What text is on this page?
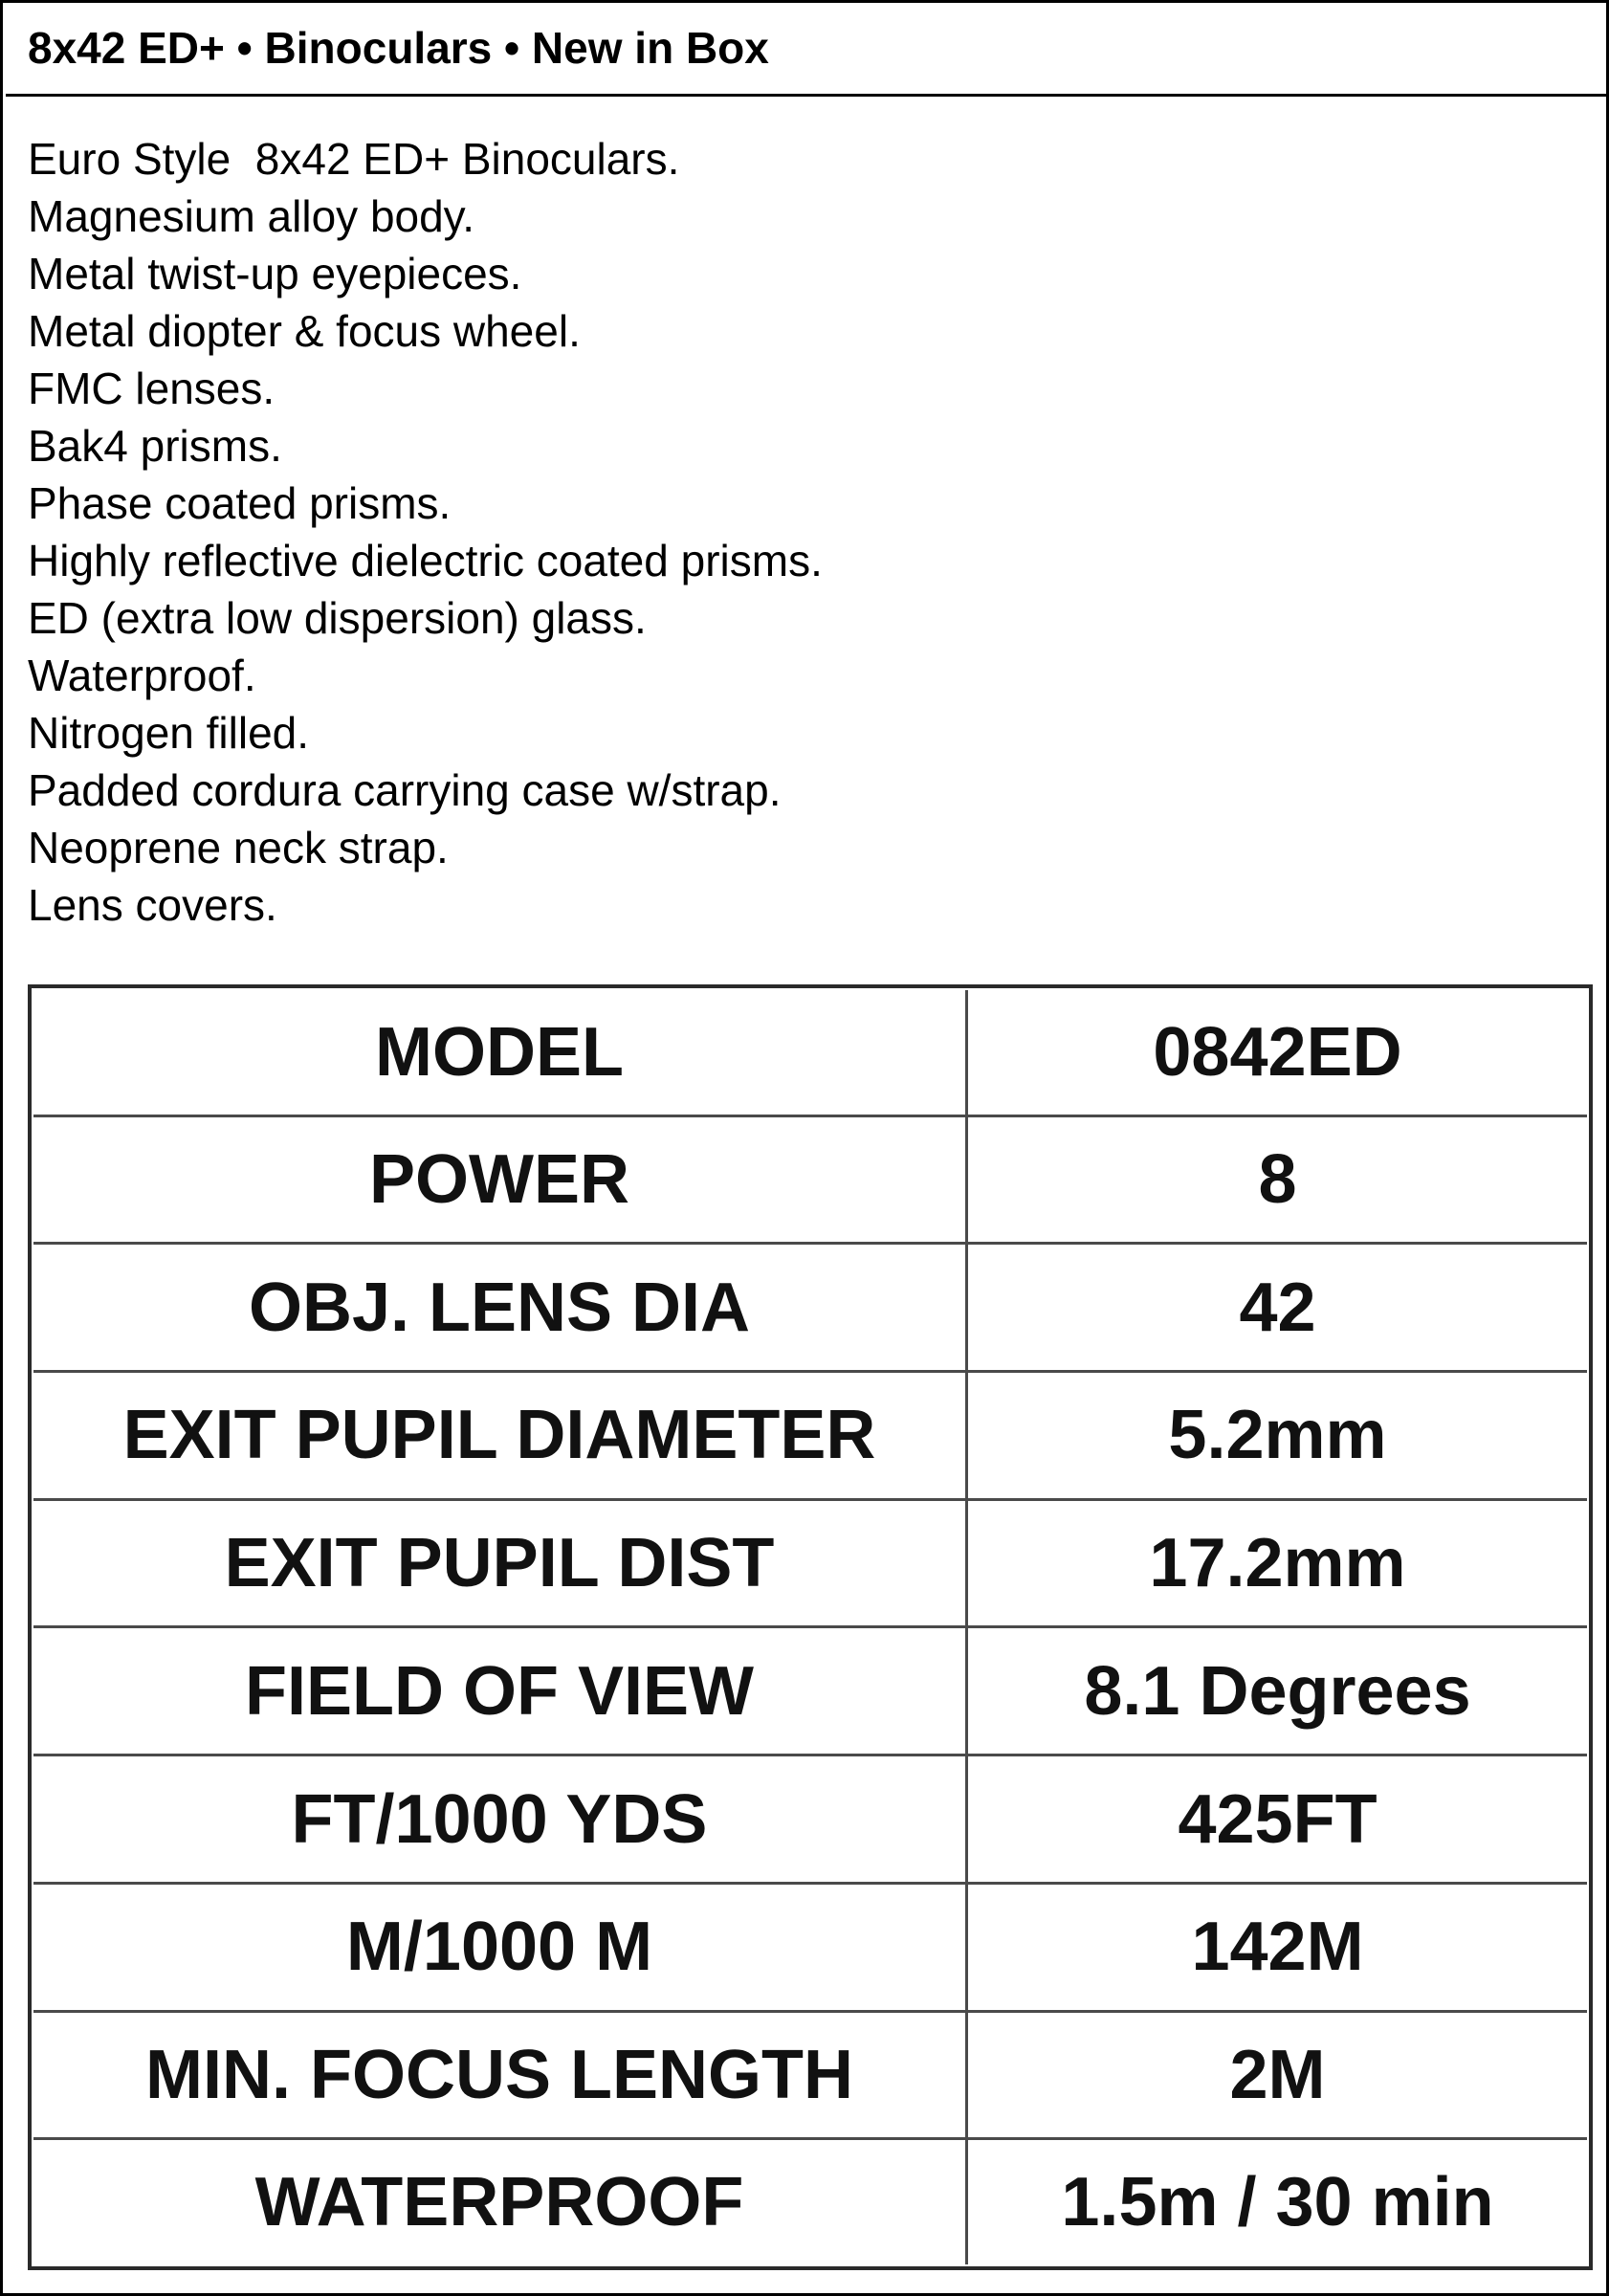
8x42 ED+ • Binoculars • New in Box
Euro Style  8x42 ED+ Binoculars.
Magnesium alloy body.
Metal twist-up eyepieces.
Metal diopter & focus wheel.
FMC lenses.
Bak4 prisms.
Phase coated prisms.
Highly reflective dielectric coated prisms.
ED (extra low dispersion) glass.
Waterproof.
Nitrogen filled.
Padded cordura carrying case w/strap.
Neoprene neck strap.
Lens covers.
MODEL	0842ED
POWER	8
OBJ. LENS DIA	42
EXIT PUPIL DIAMETER	5.2mm
EXIT PUPIL DIST	17.2mm
FIELD OF VIEW	8.1 Degrees
FT/1000 YDS	425FT
M/1000 M	142M
MIN. FOCUS LENGTH	2M
WATERPROOF	1.5m / 30 min
